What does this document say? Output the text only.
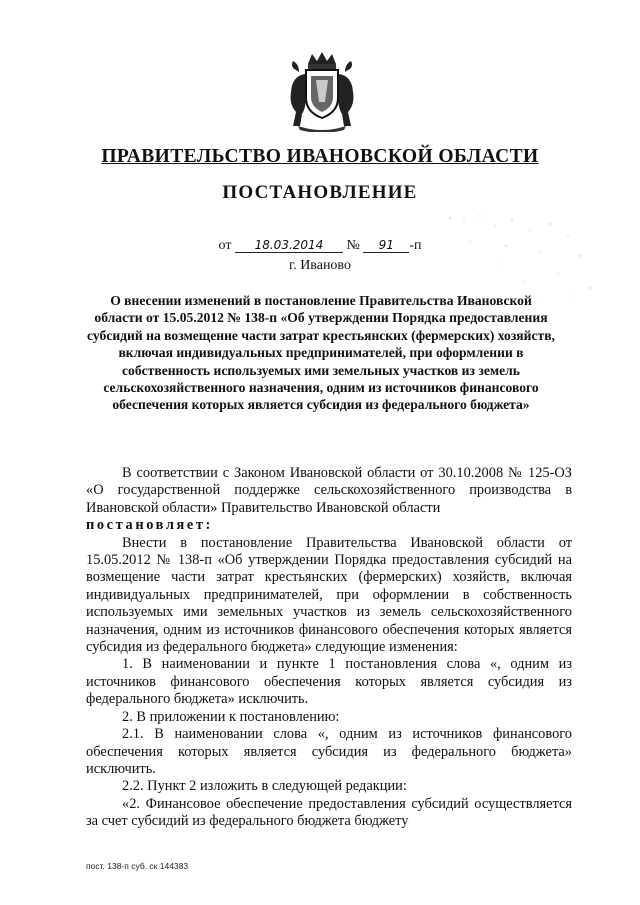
ПРАВИТЕЛЬСТВО ИВАНОВСКОЙ ОБЛАСТИ
ПОСТАНОВЛЕНИЕ
от 18.03.2014 № 91 -п
г. Иваново

О внесении изменений в постановление Правительства Ивановской области от 15.05.2012 № 138-п «Об утверждении Порядка предоставления субсидий на возмещение части затрат крестьянских (фермерских) хозяйств, включая индивидуальных предпринимателей, при оформлении в собственность используемых ими земельных участков из земель сельскохозяйственного назначения, одним из источников финансового обеспечения которых является субсидия из федерального бюджета»

В соответствии с Законом Ивановской области от 30.10.2008 № 125-ОЗ «О государственной поддержке сельскохозяйственного производства в Ивановской области» Правительство Ивановской области

постановляет:

Внести в постановление Правительства Ивановской области от 15.05.2012 № 138-п «Об утверждении Порядка предоставления субсидий на возмещение части затрат крестьянских (фермерских) хозяйств, включая индивидуальных предпринимателей, при оформлении в собственность используемых ими земельных участков из земель сельскохозяйственного назначения, одним из источников финансового обеспечения которых является субсидия из федерального бюджета» следующие изменения:

1. В наименовании и пункте 1 постановления слова «, одним из источников финансового обеспечения которых является субсидия из федерального бюджета» исключить.

2. В приложении к постановлению:

2.1. В наименовании слова «, одним из источников финансового обеспечения которых является субсидия из федерального бюджета» исключить.

2.2. Пункт 2 изложить в следующей редакции:

«2. Финансовое обеспечение предоставления субсидий осуществляется за счет субсидий из федерального бюджета бюджету

пост. 138-п суб. ск 144383
